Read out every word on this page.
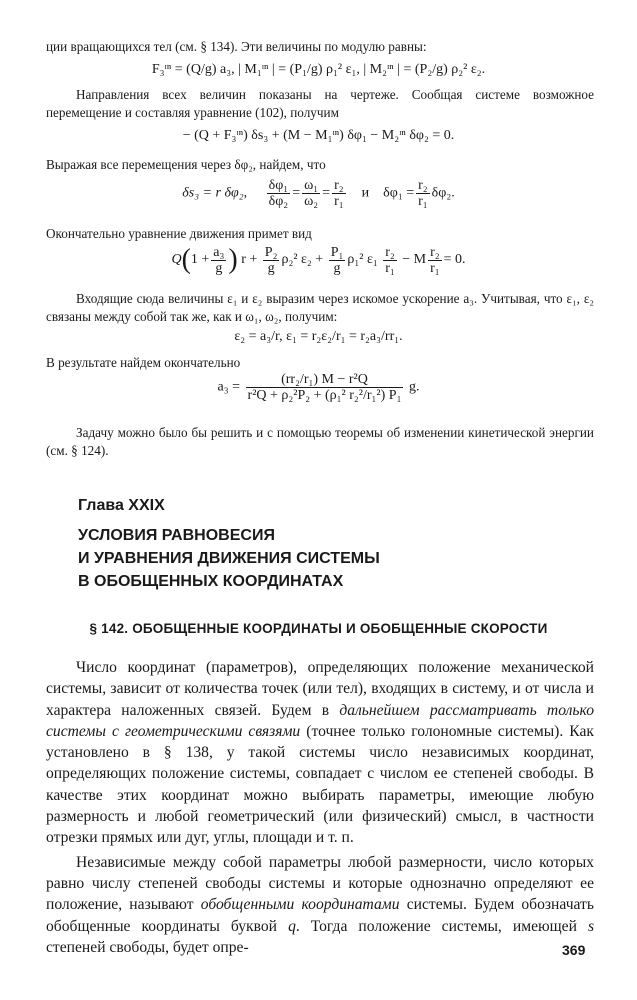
ции вращающихся тел (см. § 134). Эти величины по модулю равны:
F₃ᶦⁿ = (Q/g) a₃, | M₁ᶦⁿ | = (P₁/g) ρ₁² ε₁, | M₂ᶦⁿ | = (P₂/g) ρ₂² ε₂.
Направления всех величин показаны на чертеже. Сообщая системе возможное перемещение и составляя уравнение (102), получим
− (Q + F₃ᶦⁿ) δs₃ + (M − M₁ᶦⁿ) δφ₁ − M₂ᶦⁿ δφ₂ = 0.
Выражая все перемещения через δφ₂, найдем, что
δs₃ = r δφ₂, $\frac{\text{δφ₁}}{\text{δφ₂}} = \frac{\text{ω₁}}{\text{ω₂}} = \frac{\text{r₂}}{\text{r₁}}$ и $\delta\varphi_1 = \frac{\text{r₂}}{\text{r₁}} \delta\varphi_2$.
Окончательно уравнение движения примет вид
$Q(1 + \frac{\text{a₃}}{g}$ ) $r + \frac{\text{P₂}}{g} \rho_2^2$ $\varepsilon_2 + \frac{\text{P₁}}{g} \rho_1^2$ $\varepsilon_1 \frac{\text{r₂}}{\text{r₁}} - M \frac{\text{r₂}}{\text{r₁}} = 0$.
Входящие сюда величины ε₁ и ε₂ выразим через искомое ускорение a₃. Учитывая, что ε₁, ε₂ связаны между собой так же, как и ω₁, ω₂, получим:
ε₂ = a₃/r, ε₁ = r₂ε₂/r₁ = r₂a₃/rr₁.
В результате найдем окончательно
$a_3 = \frac{\text{(rr₂/r₁) M − r²Q}}{\text{r²Q + ρ₂²P₂ + (ρ₁² r₂²/r₁²) P₁}} g$.
Задачу можно было бы решить и с помощью теоремы об изменении кинетической энергии (см. § 124).
Глава XXIX
УСЛОВИЯ РАВНОВЕСИЯ
И УРАВНЕНИЯ ДВИЖЕНИЯ СИСТЕМЫ
В ОБОБЩЕННЫХ КООРДИНАТАХ
§ 142. ОБОБЩЕННЫЕ КООРДИНАТЫ И ОБОБЩЕННЫЕ СКОРОСТИ

Число координат (параметров), определяющих положение механической системы, зависит от количества точек (или тел), входящих в систему, и от числа и характера наложенных связей. Будем в дальнейшем рассматривать только системы с геометрическими связями (точнее только голономные системы). Как установлено в § 138, у такой системы число независимых координат, определяющих положение системы, совпадает с числом ее степеней свободы. В качестве этих координат можно выбирать параметры, имеющие любую размерность и любой геометрический (или физический) смысл, в частности отрезки прямых или дуг, углы, площади и т. п.

Независимые между собой параметры любой размерности, число которых равно числу степеней свободы системы и которые однозначно определяют ее положение, называют обобщенными координатами системы. Будем обозначать обобщенные координаты буквой q. Тогда положение системы, имеющей s степеней свободы, будет опре-	369
